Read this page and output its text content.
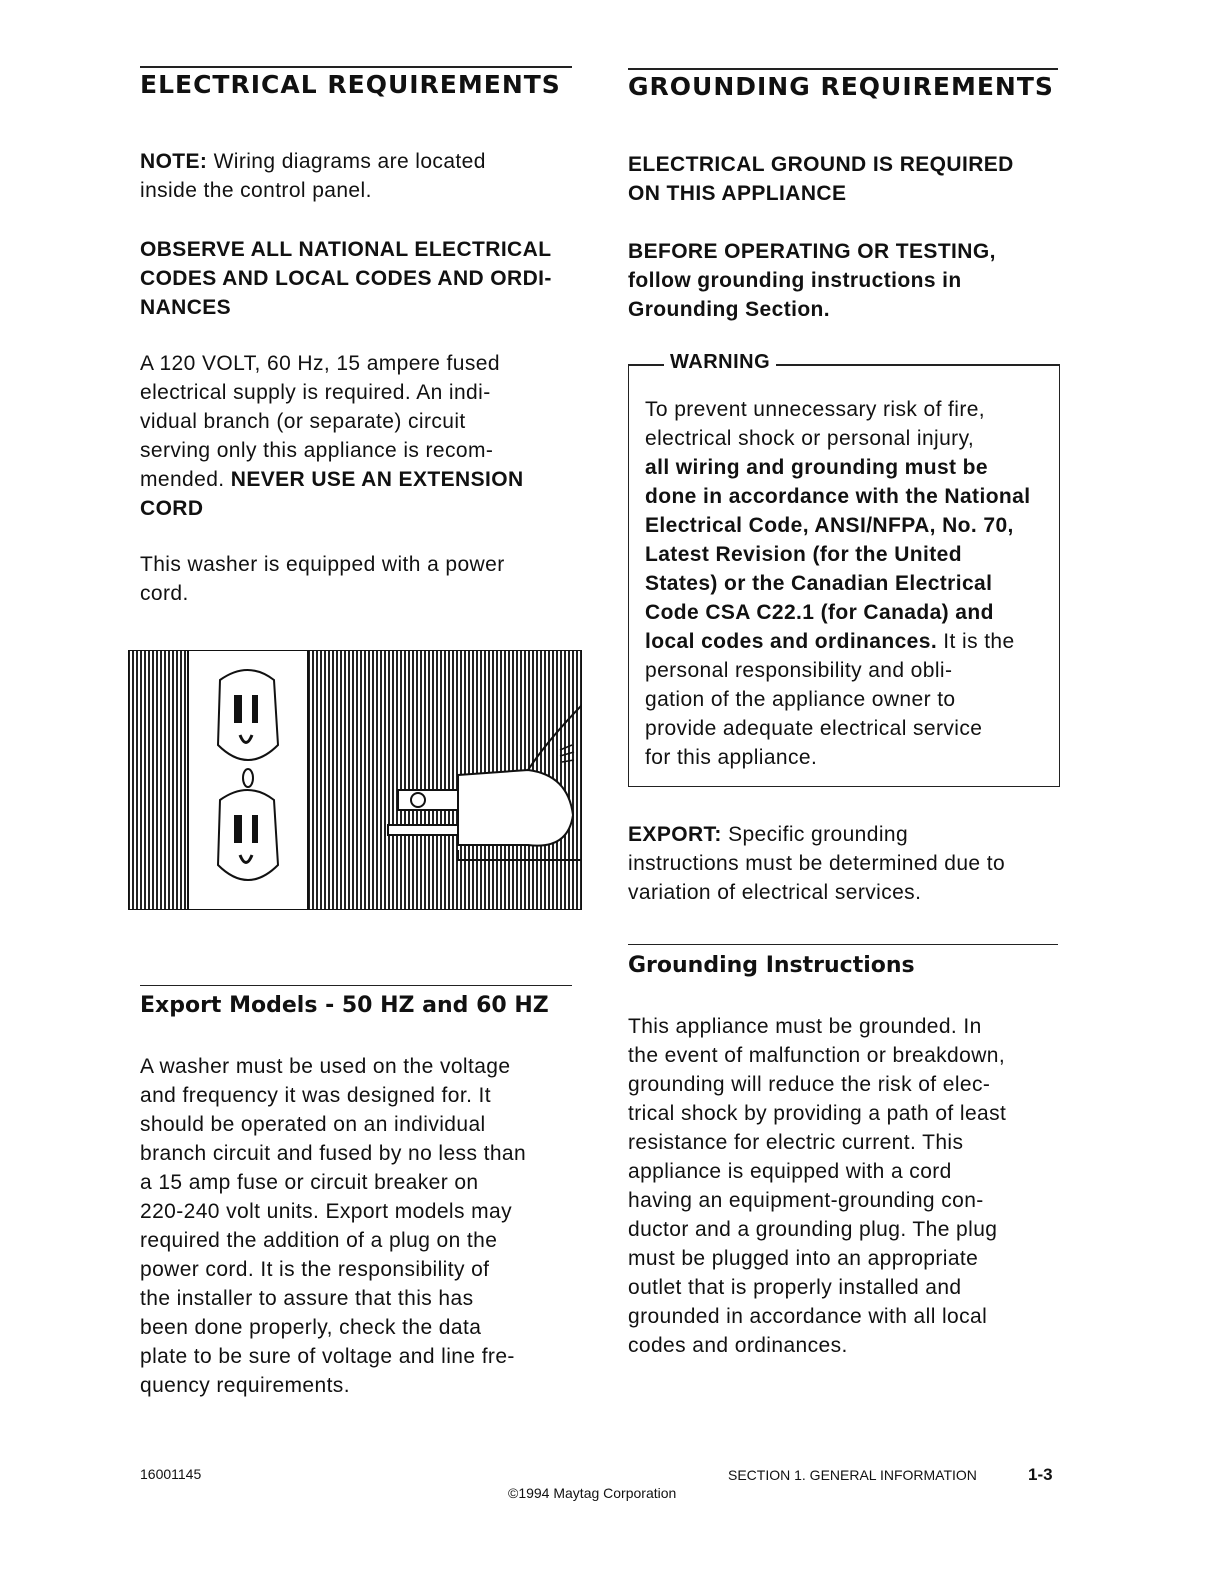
ELECTRICAL REQUIREMENTS

NOTE: Wiring diagrams are located

inside the control panel.

OBSERVE ALL NATIONAL ELECTRICAL

CODES AND LOCAL CODES AND ORDI-

NANCES

A 120 VOLT, 60 Hz, 15 ampere fused

electrical supply is required. An indi-

vidual branch (or separate) circuit

serving only this appliance is recom-

mended. NEVER USE AN EXTENSION

CORD

This washer is equipped with a power

cord.

Export Models - 50 HZ and 60 HZ

A washer must be used on the voltage

and frequency it was designed for. It

should be operated on an individual

branch circuit and fused by no less than

a 15 amp fuse or circuit breaker on

220-240 volt units. Export models may

required the addition of a plug on the

power cord. It is the responsibility of

the installer to assure that this has

been done properly, check the data

plate to be sure of voltage and line fre-

quency requirements.

GROUNDING REQUIREMENTS

ELECTRICAL GROUND IS REQUIRED

ON THIS APPLIANCE

BEFORE OPERATING OR TESTING,

follow grounding instructions in

Grounding Section.

WARNING

To prevent unnecessary risk of fire,

electrical shock or personal injury,

all wiring and grounding must be

done in accordance with the National

Electrical Code, ANSI/NFPA, No. 70,

Latest Revision (for the United

States) or the Canadian Electrical

Code CSA C22.1 (for Canada) and

local codes and ordinances. It is the

personal responsibility and obli-

gation of the appliance owner to

provide adequate electrical service

for this appliance.

EXPORT: Specific grounding

instructions must be determined due to

variation of electrical services.

Grounding Instructions

This appliance must be grounded. In

the event of malfunction or breakdown,

grounding will reduce the risk of elec-

trical shock by providing a path of least

resistance for electric current. This

appliance is equipped with a cord

having an equipment-grounding con-

ductor and a grounding plug. The plug

must be plugged into an appropriate

outlet that is properly installed and

grounded in accordance with all local

codes and ordinances.

16001145
©1994 Maytag Corporation
SECTION 1. GENERAL INFORMATION	1-3
